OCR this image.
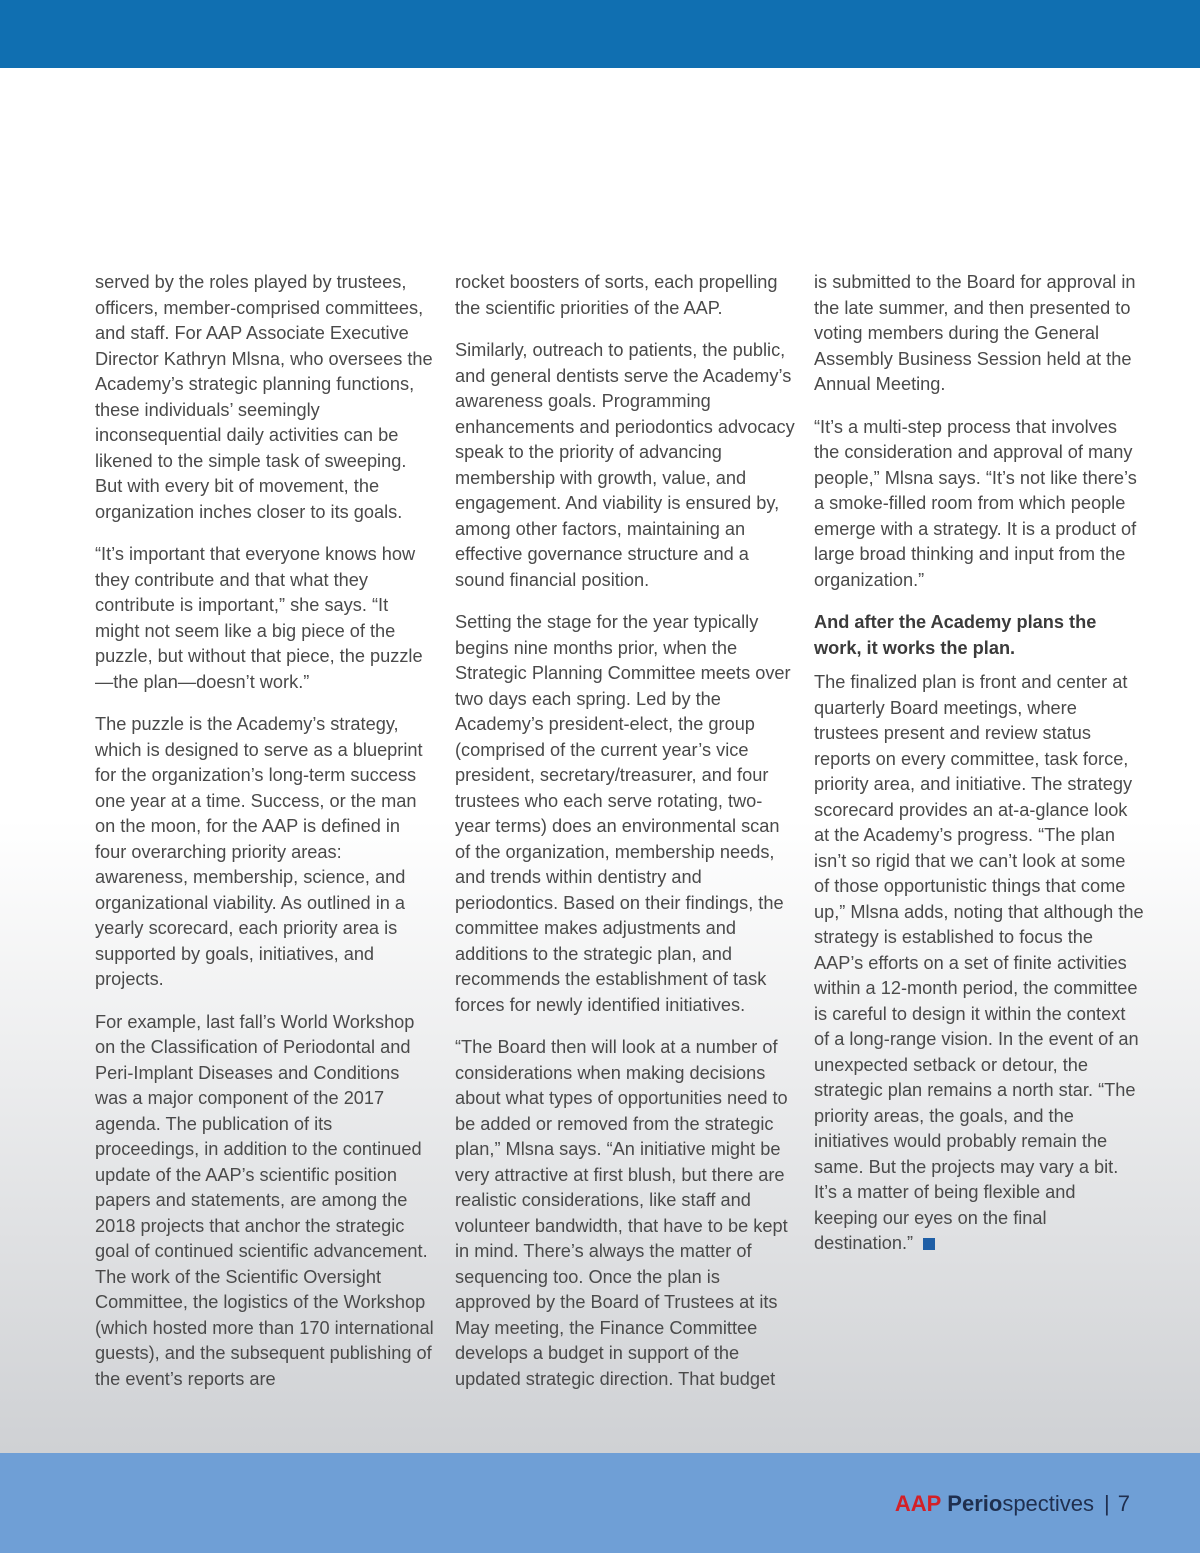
served by the roles played by trustees, officers, member-comprised committees, and staff. For AAP Associate Executive Director Kathryn Mlsna, who oversees the Academy’s strategic planning functions, these individuals’ seemingly inconsequential daily activities can be likened to the simple task of sweeping. But with every bit of movement, the organization inches closer to its goals.

“It’s important that everyone knows how they contribute and that what they contribute is important,” she says. “It might not seem like a big piece of the puzzle, but without that piece, the puzzle—the plan—doesn’t work.”

The puzzle is the Academy’s strategy, which is designed to serve as a blueprint for the organization’s long-term success one year at a time. Success, or the man on the moon, for the AAP is defined in four overarching priority areas: awareness, membership, science, and organizational viability. As outlined in a yearly scorecard, each priority area is supported by goals, initiatives, and projects.

For example, last fall’s World Workshop on the Classification of Periodontal and Peri-Implant Diseases and Conditions was a major component of the 2017 agenda. The publication of its proceedings, in addition to the continued update of the AAP’s scientific position papers and statements, are among the 2018 projects that anchor the strategic goal of continued scientific advancement. The work of the Scientific Oversight Committee, the logistics of the Workshop (which hosted more than 170 international guests), and the subsequent publishing of the event’s reports are

rocket boosters of sorts, each propelling the scientific priorities of the AAP.

Similarly, outreach to patients, the public, and general dentists serve the Academy’s awareness goals. Programming enhancements and periodontics advocacy speak to the priority of advancing membership with growth, value, and engagement. And viability is ensured by, among other factors, maintaining an effective governance structure and a sound financial position.

Setting the stage for the year typically begins nine months prior, when the Strategic Planning Committee meets over two days each spring. Led by the Academy’s president-elect, the group (comprised of the current year’s vice president, secretary/treasurer, and four trustees who each serve rotating, two-year terms) does an environmental scan of the organization, membership needs, and trends within dentistry and periodontics. Based on their findings, the committee makes adjustments and additions to the strategic plan, and recommends the establishment of task forces for newly identified initiatives.

“The Board then will look at a number of considerations when making decisions about what types of opportunities need to be added or removed from the strategic plan,” Mlsna says. “An initiative might be very attractive at first blush, but there are realistic considerations, like staff and volunteer bandwidth, that have to be kept in mind. There’s always the matter of sequencing too. Once the plan is approved by the Board of Trustees at its May meeting, the Finance Committee develops a budget in support of the updated strategic direction. That budget

is submitted to the Board for approval in the late summer, and then presented to voting members during the General Assembly Business Session held at the Annual Meeting.

“It’s a multi-step process that involves the consideration and approval of many people,” Mlsna says. “It’s not like there’s a smoke-filled room from which people emerge with a strategy. It is a product of large broad thinking and input from the organization.”

And after the Academy plans the work, it works the plan.

The finalized plan is front and center at quarterly Board meetings, where trustees present and review status reports on every committee, task force, priority area, and initiative. The strategy scorecard provides an at-a-glance look at the Academy’s progress. “The plan isn’t so rigid that we can’t look at some of those opportunistic things that come up,” Mlsna adds, noting that although the strategy is established to focus the AAP’s efforts on a set of finite activities within a 12-month period, the committee is careful to design it within the context of a long-range vision. In the event of an unexpected setback or detour, the strategic plan remains a north star. “The priority areas, the goals, and the initiatives would probably remain the same. But the projects may vary a bit. It’s a matter of being flexible and keeping our eyes on the final destination.”

AAP Perio spectives | 7
